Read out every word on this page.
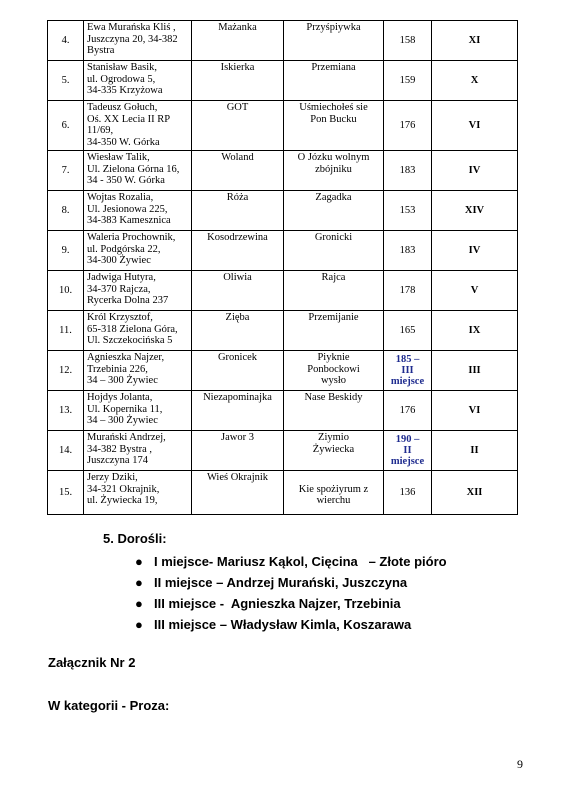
4.	Ewa Murańska Kliś ,
Juszczyna 20, 34-382
Bystra	Mażanka	Przyśpiywka	158	XI
5.	Stanisław Basik,
ul. Ogrodowa 5,
34-335 Krzyżowa	Iskierka	Przemiana	159	X
6.	Tadeusz Gołuch,
Oś. XX Lecia II RP
11/69,
34-350 W. Górka	GOT	Uśmiechołeś sie
Pon Bucku	176	VI
7.	Wiesław Talik,
Ul. Zielona Górna 16,
34 - 350 W. Górka	Woland	O Józku wolnym
zbójniku	183	IV
8.	Wojtas Rozalia,
Ul. Jesionowa 225,
34-383 Kamesznica	Róża	Zagadka	153	XIV
9.	Waleria Prochownik,
ul. Podgórska 22,
34-300 Żywiec	Kosodrzewina	Gronicki	183	IV
10.	Jadwiga Hutyra,
34-370 Rajcza,
Rycerka Dolna 237	Oliwia	Rajca	178	V
11.	Król Krzysztof,
65-318 Zielona Góra,
Ul. Szczekocińska 5	Zięba	Przemijanie	165	IX
12.	Agnieszka Najzer,
Trzebinia 226,
34 – 300 Żywiec	Gronicek	Piyknie
Ponbockowi
wysło	185 –
III
miejsce	III
13.	Hojdys Jolanta,
Ul. Kopernika 11,
34 – 300 Żywiec	Niezapominajka	Nase Beskidy	176	VI
14.	Murański Andrzej,
34-382 Bystra ,
Juszczyna 174	Jawor 3	Ziymio
Żywiecka	190 –
II
miejsce	II
15.	Jerzy Dziki,
34-321 Okrajnik,
ul. Żywiecka 19,	Wieś Okrajnik	Kie spożiyrum z
wierchu	136	XII
5. Dorośli:
● I miejsce- Mariusz Kąkol, Cięcina   – Złote pióro
● II miejsce – Andrzej Murański, Juszczyna
● III miejsce -  Agnieszka Najzer, Trzebinia
● III miejsce – Władysław Kimla, Koszarawa
Załącznik Nr 2
W kategorii - Proza:
9
